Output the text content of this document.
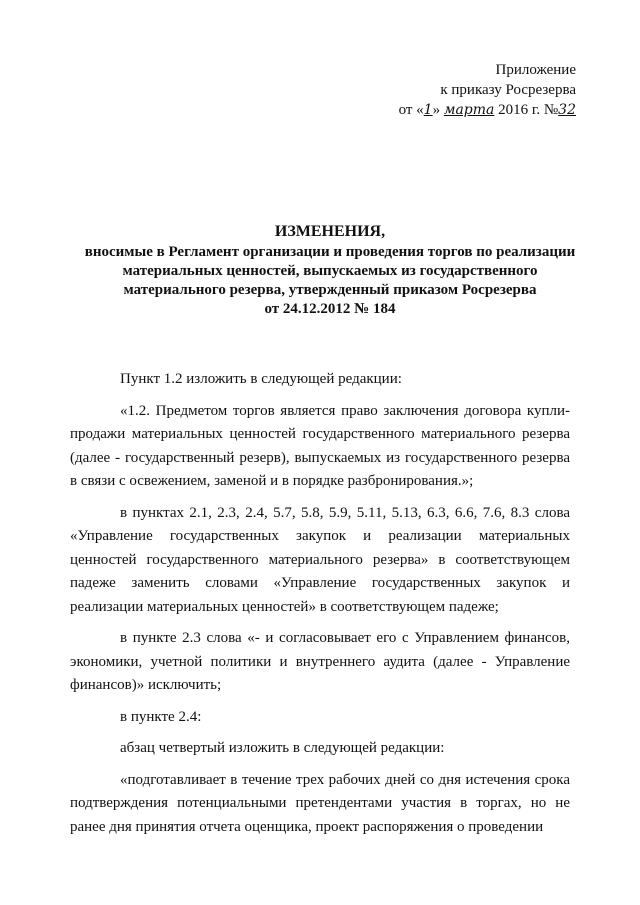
Приложение
к приказу Росрезерва
от «1» марта 2016 г. №32
ИЗМЕНЕНИЯ,
вносимые в Регламент организации и проведения торгов по реализации
материальных ценностей, выпускаемых из государственного
материального резерва, утвержденный приказом Росрезерва
от 24.12.2012 № 184

Пункт 1.2 изложить в следующей редакции:

«1.2. Предметом торгов является право заключения договора купли-продажи материальных ценностей государственного материального резерва (далее - государственный резерв), выпускаемых из государственного резерва в связи с освежением, заменой и в порядке разбронирования.»;

в пунктах 2.1, 2.3, 2.4, 5.7, 5.8, 5.9, 5.11, 5.13, 6.3, 6.6, 7.6, 8.3 слова «Управление государственных закупок и реализации материальных ценностей государственного материального резерва» в соответствующем падеже заменить словами «Управление государственных закупок и реализации материальных ценностей» в соответствующем падеже;

в пункте 2.3 слова «- и согласовывает его с Управлением финансов, экономики, учетной политики и внутреннего аудита (далее - Управление финансов)» исключить;

в пункте 2.4:

абзац четвертый изложить в следующей редакции:

«подготавливает в течение трех рабочих дней со дня истечения срока подтверждения потенциальными претендентами участия в торгах, но не ранее дня принятия отчета оценщика, проект распоряжения о проведении
